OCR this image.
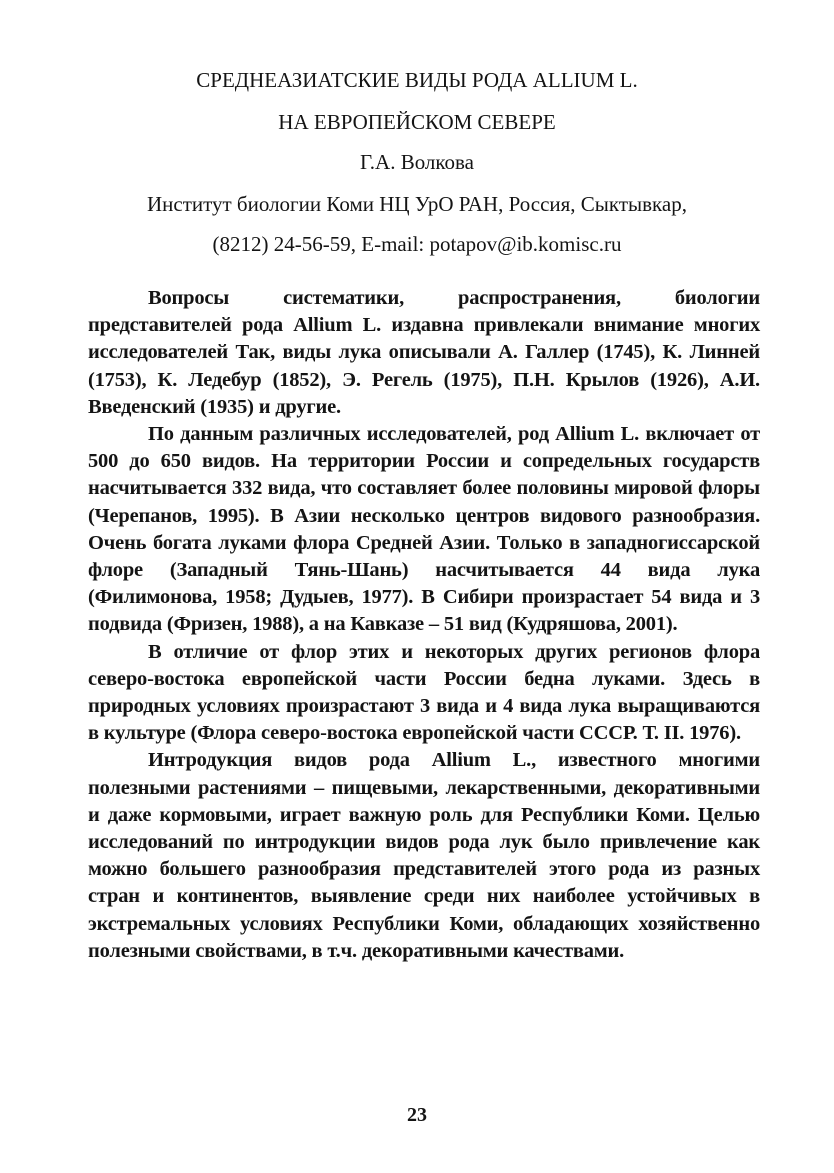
СРЕДНЕАЗИАТСКИЕ ВИДЫ РОДА ALLIUM L.
НА ЕВРОПЕЙСКОМ СЕВЕРЕ
Г.А. Волкова
Институт биологии Коми НЦ УрО РАН, Россия, Сыктывкар,
(8212) 24-56-59, E-mail: potapov@ib.komisc.ru

Вопросы систематики, распространения, биологии представителей рода Allium L. издавна привлекали внимание многих исследователей Так, виды лука описывали А. Галлер (1745), К. Линней (1753), К. Ледебур (1852), Э. Регель (1975), П.Н. Крылов (1926), А.И. Введенский (1935) и другие.

По данным различных исследователей, род Allium L. включает от 500 до 650 видов. На территории России и сопредельных государств насчитывается 332 вида, что составляет более половины мировой флоры (Черепанов, 1995). В Азии несколько центров видового разнообразия. Очень богата луками флора Средней Азии. Только в западногиссарской флоре (Западный Тянь-Шань) насчитывается 44 вида лука (Филимонова, 1958; Дудыев, 1977). В Сибири произрастает 54 вида и 3 подвида (Фризен, 1988), а на Кавказе – 51 вид (Кудряшова, 2001).

В отличие от флор этих и некоторых других регионов флора северо-востока европейской части России бедна луками. Здесь в природных условиях произрастают 3 вида и 4 вида лука выращиваются в культуре (Флора северо-востока европейской части СССР. Т. II. 1976).

Интродукция видов рода Allium L., известного многими полезными растениями – пищевыми, лекарственными, декоративными и даже кормовыми, играет важную роль для Республики Коми. Целью исследований по интродукции видов рода лук было привлечение как можно большего разнообразия представителей этого рода из разных стран и континентов, выявление среди них наиболее устойчивых в экстремальных условиях Республики Коми, обладающих хозяйственно полезными свойствами, в т.ч. декоративными качествами.

23
